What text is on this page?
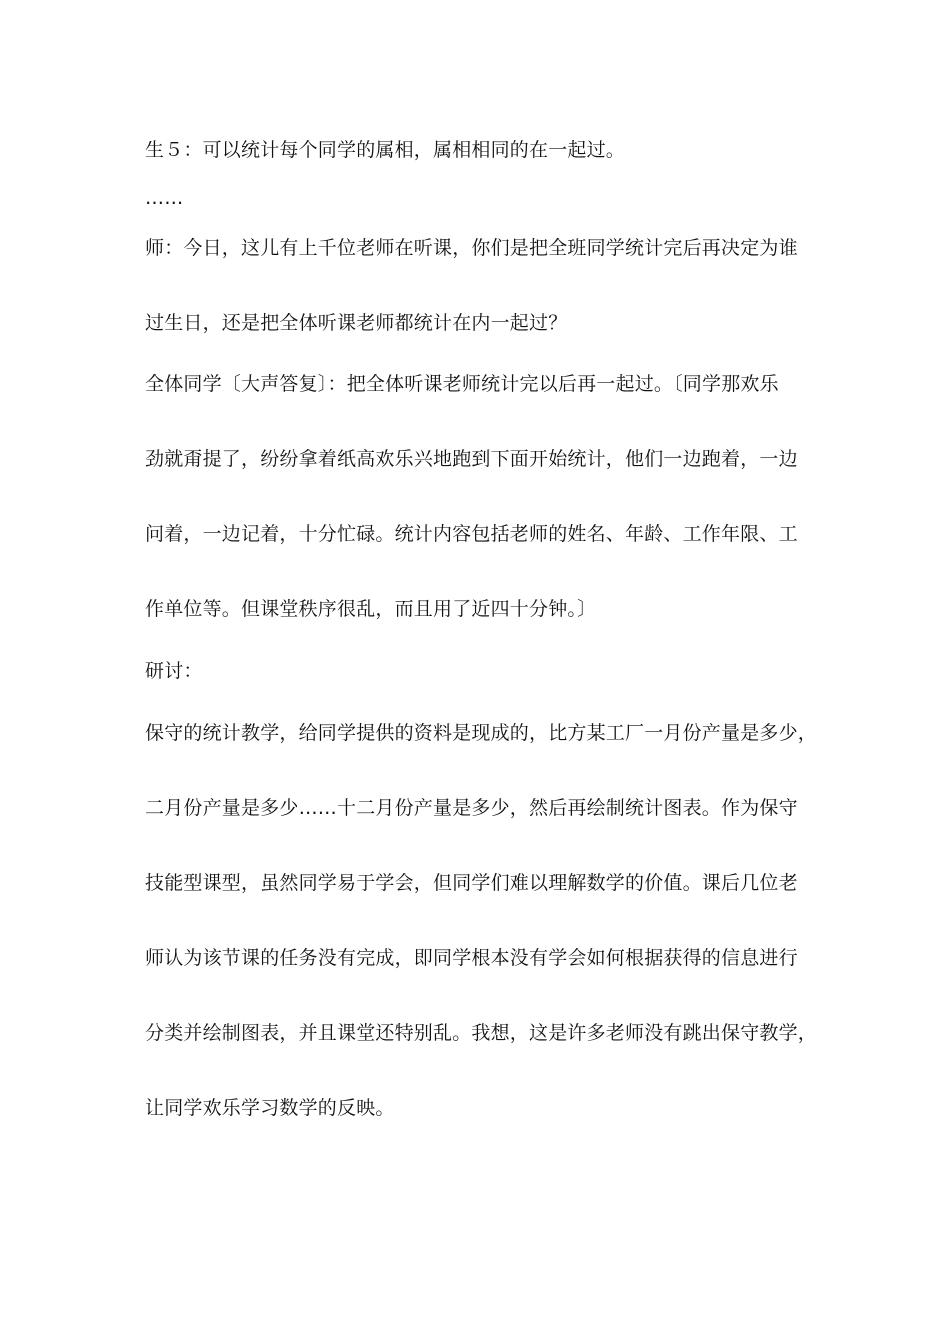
生５：可以统计每个同学的属相，属相相同的在一起过。
……
师：今日，这儿有上千位老师在听课，你们是把全班同学统计完后再决定为谁
过生日，还是把全体听课老师都统计在内一起过？
全体同学〔大声答复〕：把全体听课老师统计完以后再一起过。〔同学那欢乐
劲就甭提了，纷纷拿着纸高欢乐兴地跑到下面开始统计，他们一边跑着，一边
问着，一边记着，十分忙碌。统计内容包括老师的姓名、年龄、工作年限、工
作单位等。但课堂秩序很乱，而且用了近四十分钟。〕
研讨：
保守的统计教学，给同学提供的资料是现成的，比方某工厂一月份产量是多少，
二月份产量是多少……十二月份产量是多少，然后再绘制统计图表。作为保守
技能型课型，虽然同学易于学会，但同学们难以理解数学的价值。课后几位老
师认为该节课的任务没有完成，即同学根本没有学会如何根据获得的信息进行
分类并绘制图表，并且课堂还特别乱。我想，这是许多老师没有跳出保守教学，
让同学欢乐学习数学的反映。
